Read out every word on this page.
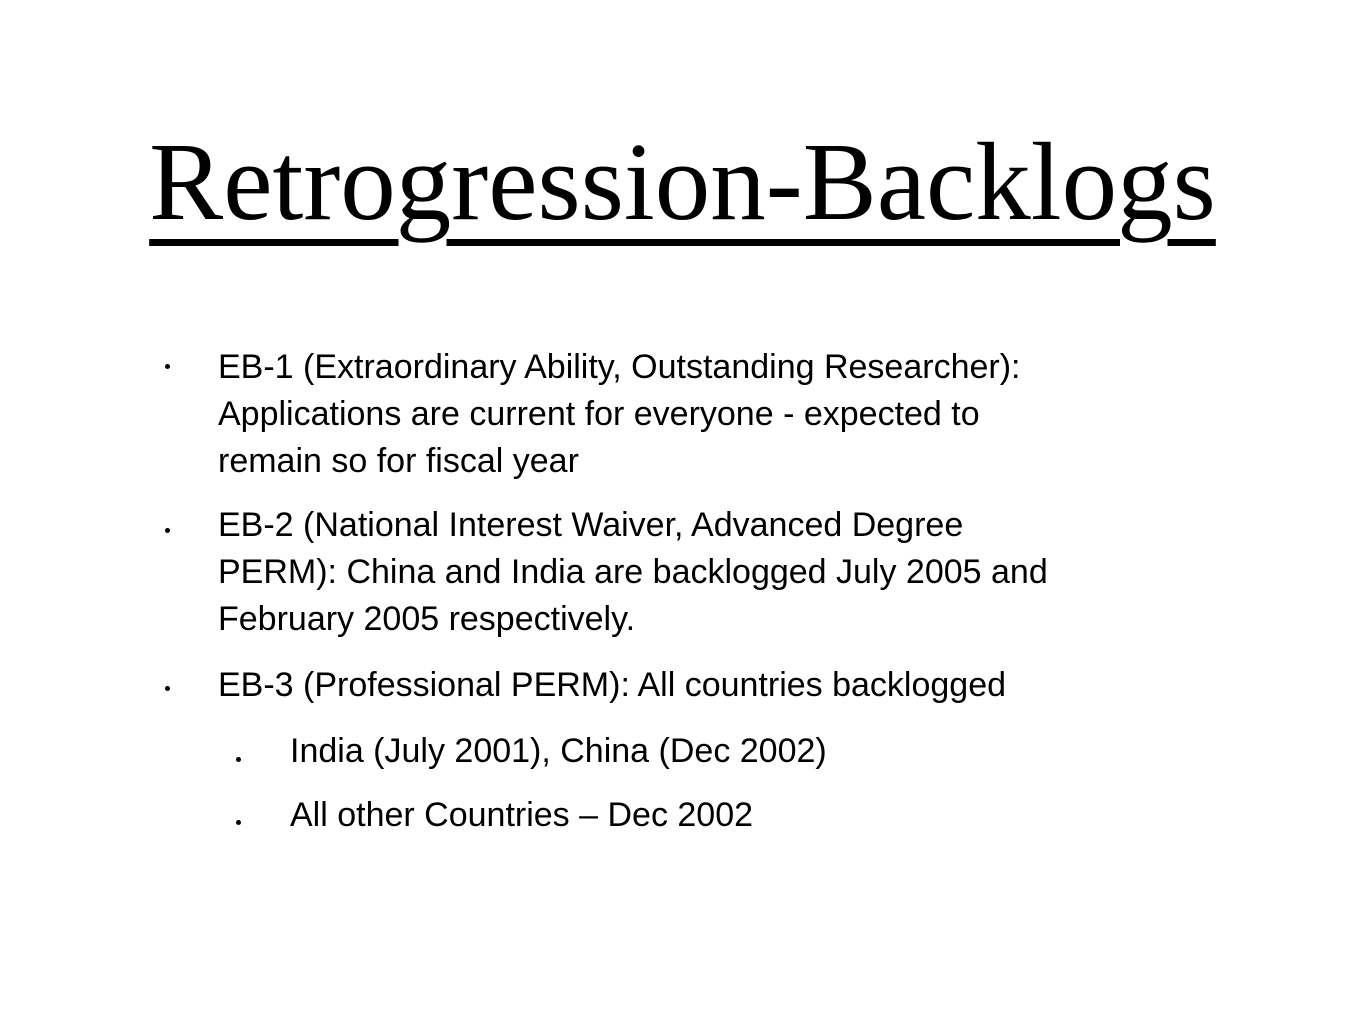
Retrogression-Backlogs
EB-1 (Extraordinary Ability, Outstanding Researcher):
Applications are current for everyone - expected to
remain so for fiscal year
EB-2 (National Interest Waiver, Advanced Degree
PERM): China and India are backlogged July 2005 and
February 2005 respectively.
EB-3 (Professional PERM): All countries backlogged
India (July 2001), China (Dec 2002)
All other Countries – Dec 2002
